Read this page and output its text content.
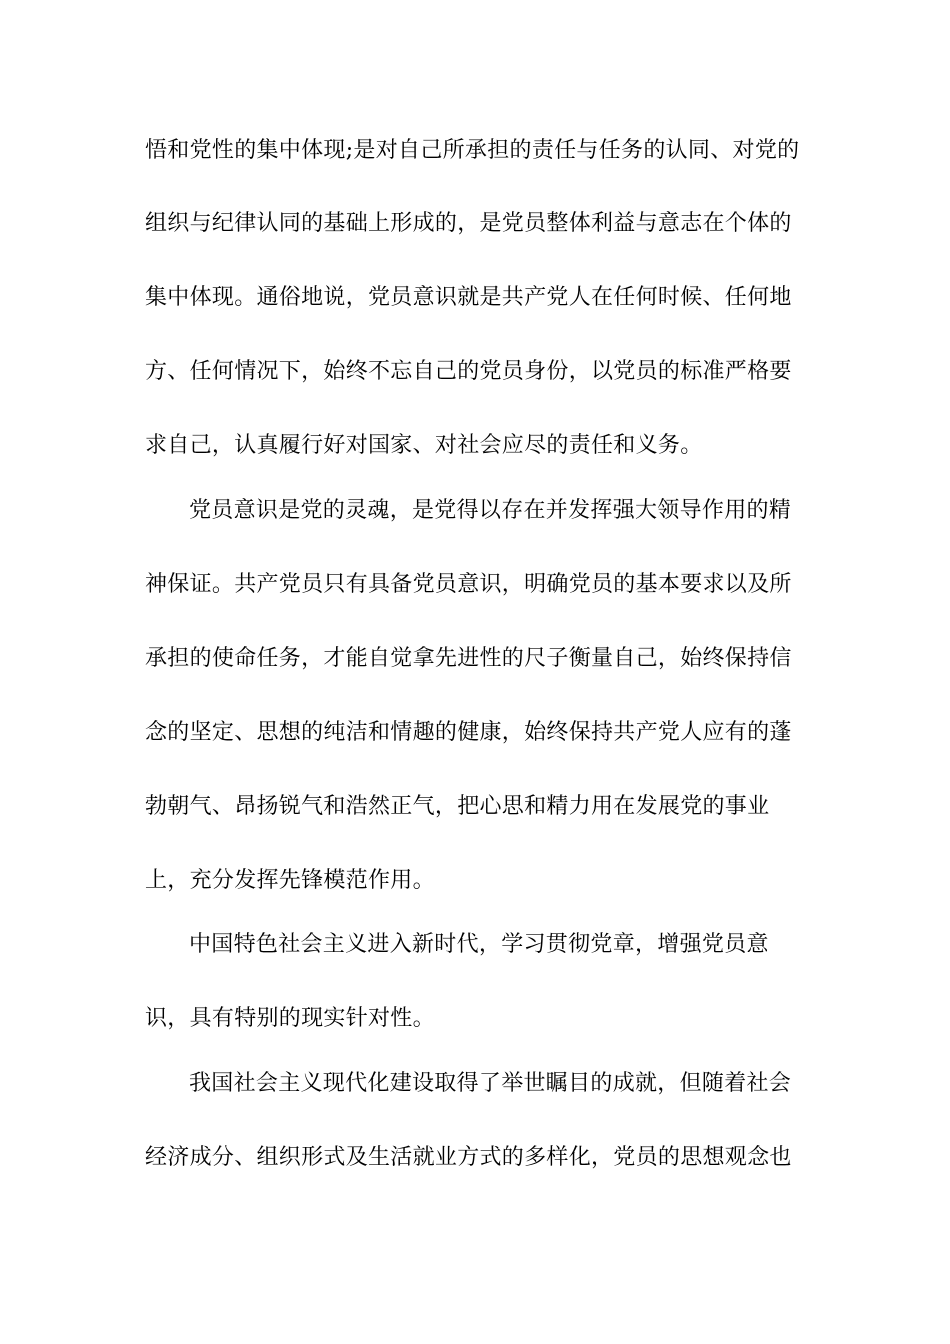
悟和党性的集中体现;是对自己所承担的责任与任务的认同、对党的
组织与纪律认同的基础上形成的，是党员整体利益与意志在个体的
集中体现。通俗地说，党员意识就是共产党人在任何时候、任何地
方、任何情况下，始终不忘自己的党员身份，以党员的标准严格要
求自己，认真履行好对国家、对社会应尽的责任和义务。
党员意识是党的灵魂，是党得以存在并发挥强大领导作用的精
神保证。共产党员只有具备党员意识，明确党员的基本要求以及所
承担的使命任务，才能自觉拿先进性的尺子衡量自己，始终保持信
念的坚定、思想的纯洁和情趣的健康，始终保持共产党人应有的蓬
勃朝气、昂扬锐气和浩然正气，把心思和精力用在发展党的事业
上，充分发挥先锋模范作用。
中国特色社会主义进入新时代，学习贯彻党章，增强党员意
识，具有特别的现实针对性。
我国社会主义现代化建设取得了举世瞩目的成就，但随着社会
经济成分、组织形式及生活就业方式的多样化，党员的思想观念也
